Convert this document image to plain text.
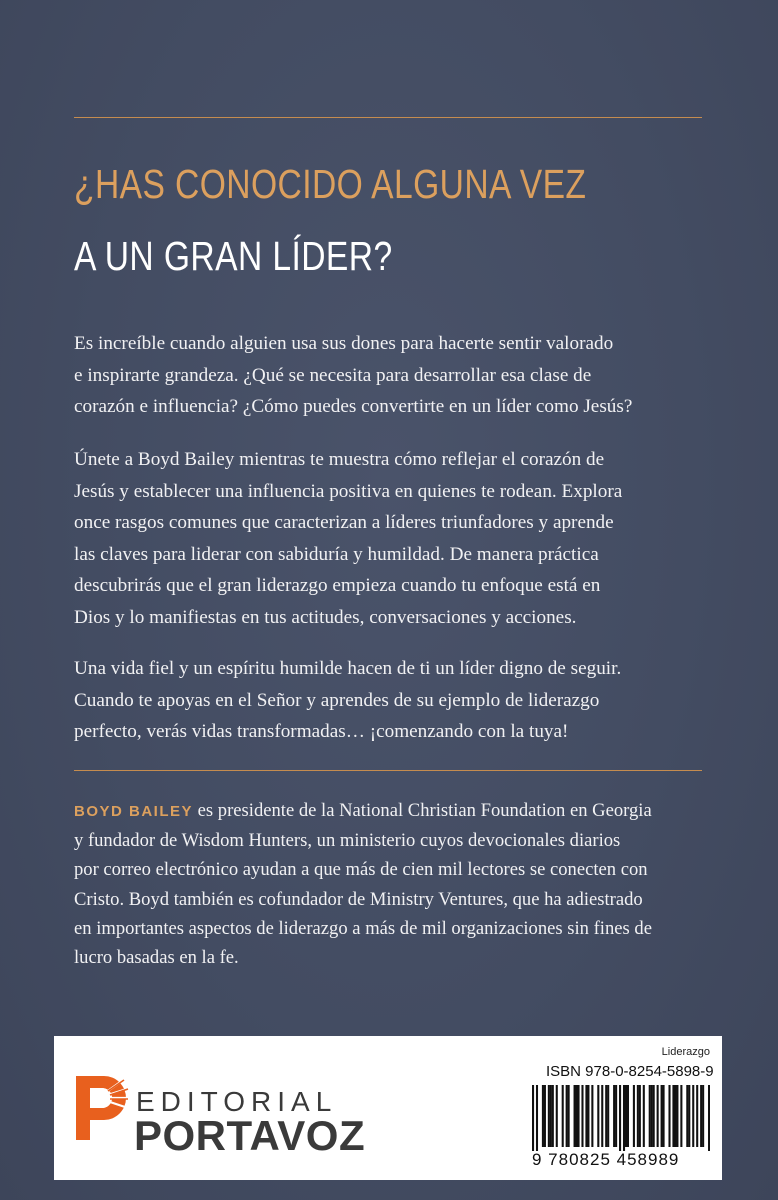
¿HAS CONOCIDO ALGUNA VEZ
A UN GRAN LÍDER?
Es increíble cuando alguien usa sus dones para hacerte sentir valorado
e inspirarte grandeza. ¿Qué se necesita para desarrollar esa clase de
corazón e influencia? ¿Cómo puedes convertirte en un líder como Jesús?
Únete a Boyd Bailey mientras te muestra cómo reflejar el corazón de
Jesús y establecer una influencia positiva en quienes te rodean. Explora
once rasgos comunes que caracterizan a líderes triunfadores y aprende
las claves para liderar con sabiduría y humildad. De manera práctica
descubrirás que el gran liderazgo empieza cuando tu enfoque está en
Dios y lo manifiestas en tus actitudes, conversaciones y acciones.
Una vida fiel y un espíritu humilde hacen de ti un líder digno de seguir.
Cuando te apoyas en el Señor y aprendes de su ejemplo de liderazgo
perfecto, verás vidas transformadas… ¡comenzando con la tuya!
BOYD BAILEY es presidente de la National Christian Foundation en Georgia
y fundador de Wisdom Hunters, un ministerio cuyos devocionales diarios
por correo electrónico ayudan a que más de cien mil lectores se conecten con
Cristo. Boyd también es cofundador de Ministry Ventures, que ha adiestrado
en importantes aspectos de liderazgo a más de mil organizaciones sin fines de
lucro basadas en la fe.
EDITORIAL
PORTAVOZ
Liderazgo
ISBN 978-0-8254-5898-9
9 780825 458989
